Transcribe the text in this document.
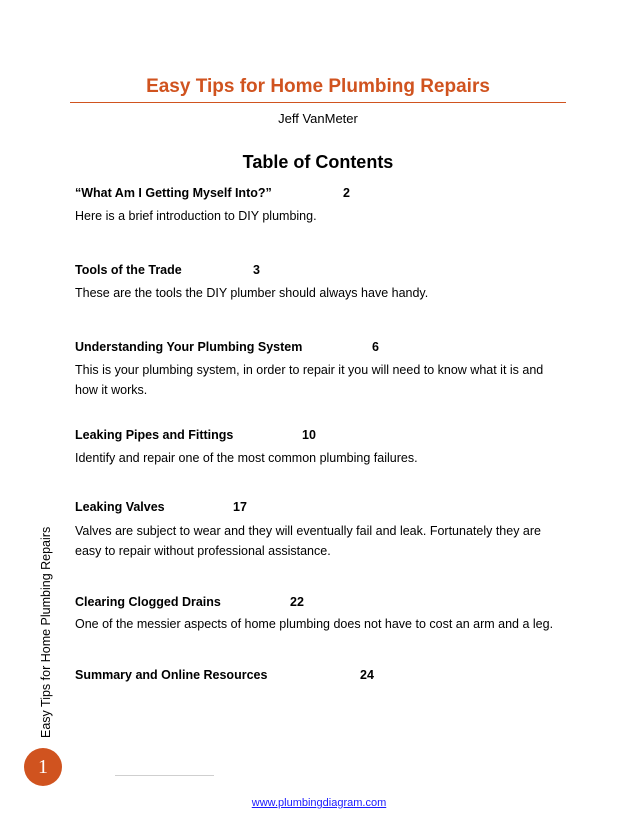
Easy Tips for Home Plumbing Repairs
Jeff VanMeter
Table of Contents
“What Am I Getting Myself Into?”	2
Here is a brief introduction to DIY plumbing.
Tools of the Trade	3
These are the tools the DIY plumber should always have handy.
Understanding Your Plumbing System	6
This is your plumbing system, in order to repair it you will need to know what it is and how it works.
Leaking Pipes and Fittings	10
Identify and repair one of the most common plumbing failures.
Leaking Valves	17
Valves are subject to wear and they will eventually fail and leak. Fortunately they are easy to repair without professional assistance.
Clearing Clogged Drains	22
One of the messier aspects of home plumbing does not have to cost an arm and a leg.
Summary and Online Resources	24
Easy Tips for Home Plumbing Repairs
1
www.plumbingdiagram.com
